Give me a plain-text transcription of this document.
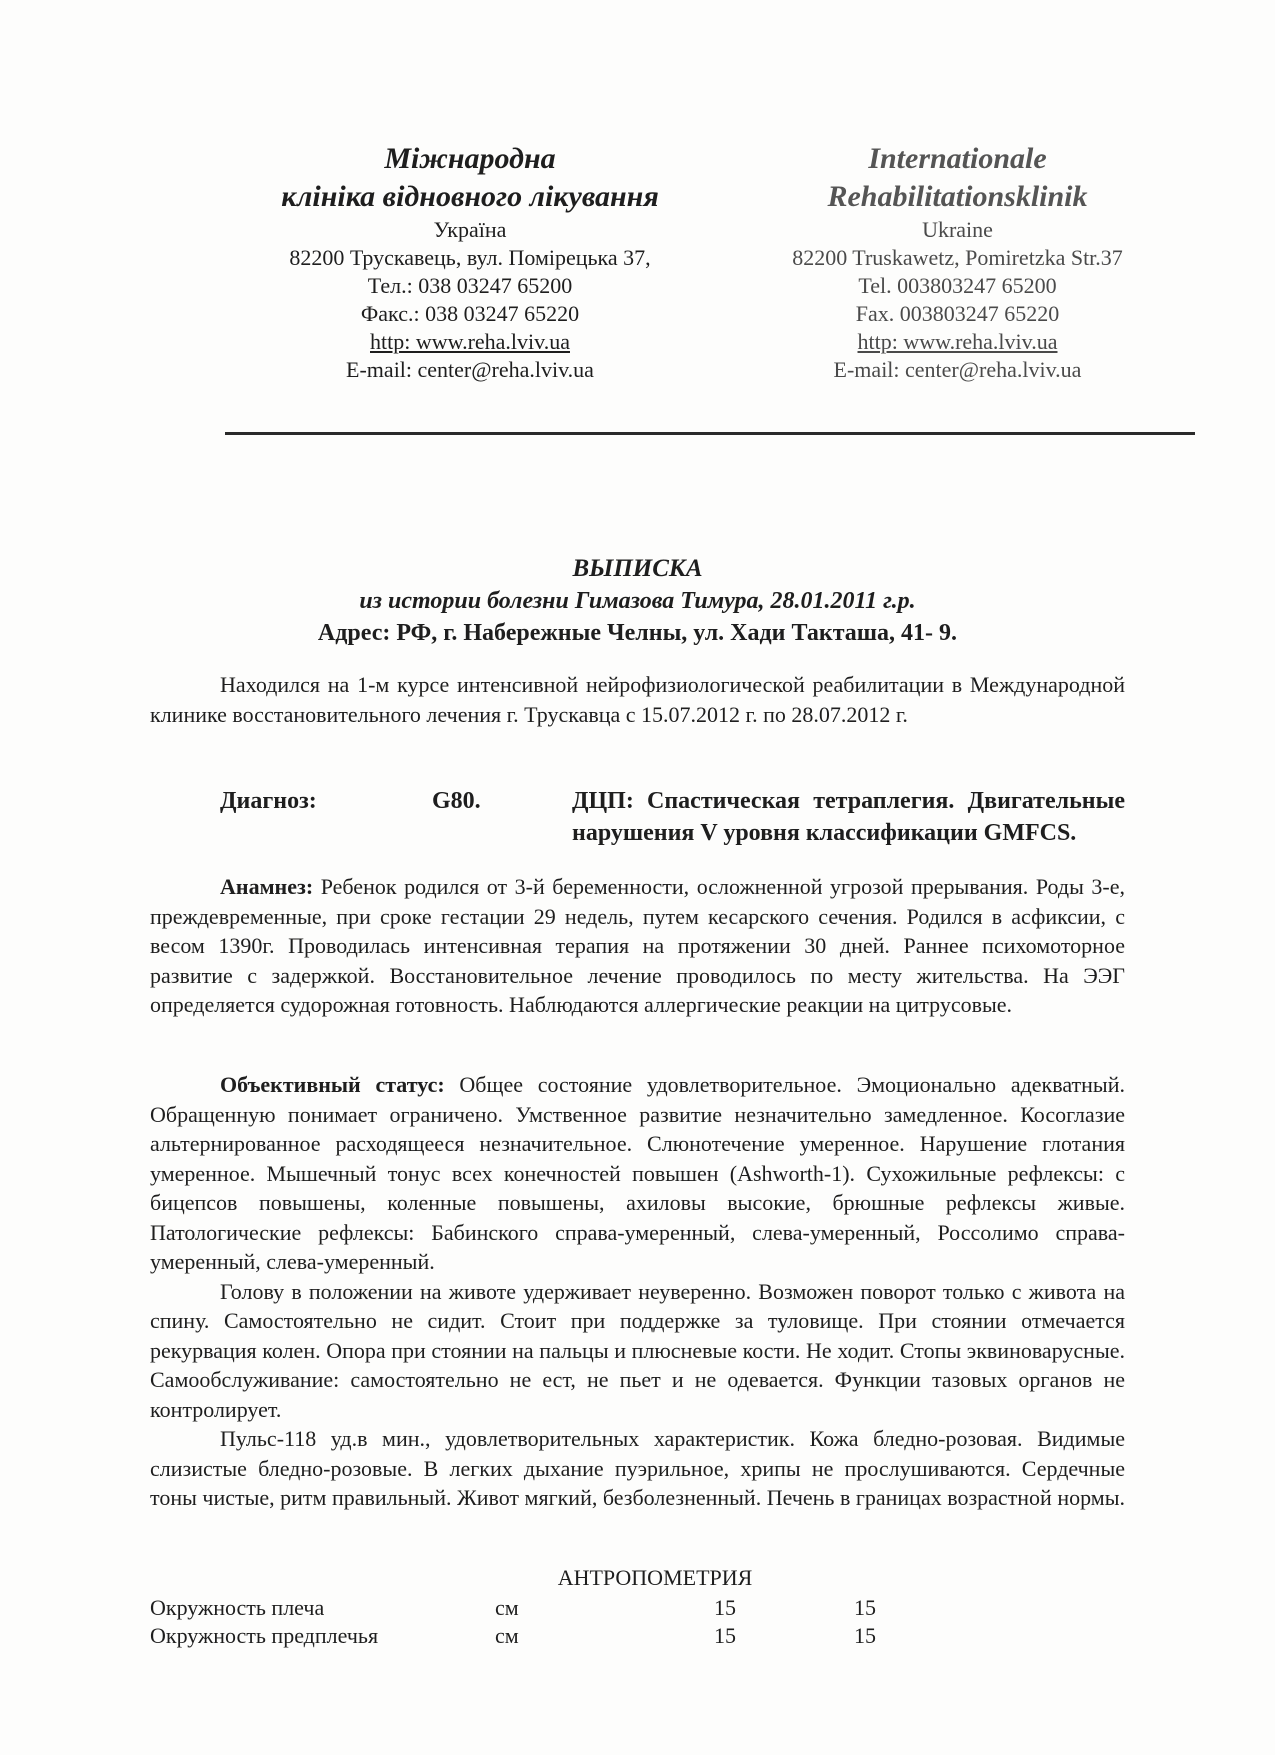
Міжнародна
клініка відновного лікування
Україна
82200 Трускавець, вул. Помірецька 37,
Тел.: 038 03247 65200
Факс.: 038 03247 65220
http: www.reha.lviv.ua
E-mail: center@reha.lviv.ua
Internationale
Rehabilitationsklinik
Ukraine
82200 Truskawetz, Pomiretzka Str.37
Tel. 003803247 65200
Fax. 003803247 65220
http: www.reha.lviv.ua
E-mail: center@reha.lviv.ua
ВЫПИСКА
из истории болезни Гимазова Тимура, 28.01.2011 г.р.
Адрес: РФ, г. Набережные Челны, ул. Хади Такташа, 41- 9.
Находился на 1-м курсе интенсивной нейрофизиологической реабилитации в Международной клинике восстановительного лечения г. Трускавца с 15.07.2012 г. по 28.07.2012 г.
Диагноз:	G80.	ДЦП: Спастическая тетраплегия. Двигательные нарушения V уровня классификации GMFCS.
Анамнез: Ребенок родился от 3-й беременности, осложненной угрозой прерывания. Роды 3-е, преждевременные, при сроке гестации 29 недель, путем кесарского сечения. Родился в асфиксии, с весом 1390г. Проводилась интенсивная терапия на протяжении 30 дней. Раннее психомоторное развитие с задержкой. Восстановительное лечение проводилось по месту жительства. На ЭЭГ определяется судорожная готовность. Наблюдаются аллергические реакции на цитрусовые.
Объективный статус: Общее состояние удовлетворительное. Эмоционально адекватный. Обращенную понимает ограничено. Умственное развитие незначительно замедленное. Косоглазие альтернированное расходящееся незначительное. Слюнотечение умеренное. Нарушение глотания умеренное. Мышечный тонус всех конечностей повышен (Ashworth-1). Сухожильные рефлексы: с бицепсов повышены, коленные повышены, ахиловы высокие, брюшные рефлексы живые. Патологические рефлексы: Бабинского справа-умеренный, слева-умеренный, Россолимо справа-умеренный, слева-умеренный.
Голову в положении на животе удерживает неуверенно. Возможен поворот только с живота на спину. Самостоятельно не сидит. Стоит при поддержке за туловище. При стоянии отмечается рекурвация колен. Опора при стоянии на пальцы и плюсневые кости. Не ходит. Стопы эквиноварусные. Самообслуживание: самостоятельно не ест, не пьет и не одевается. Функции тазовых органов не контролирует.
Пульс-118 уд.в мин., удовлетворительных характеристик. Кожа бледно-розовая. Видимые слизистые бледно-розовые. В легких дыхание пуэрильное, хрипы не прослушиваются. Сердечные тоны чистые, ритм правильный. Живот мягкий, безболезненный. Печень в границах возрастной нормы.
АНТРОПОМЕТРИЯ
Окружность плеча	см	15	15
Окружность предплечья	см	15	15
